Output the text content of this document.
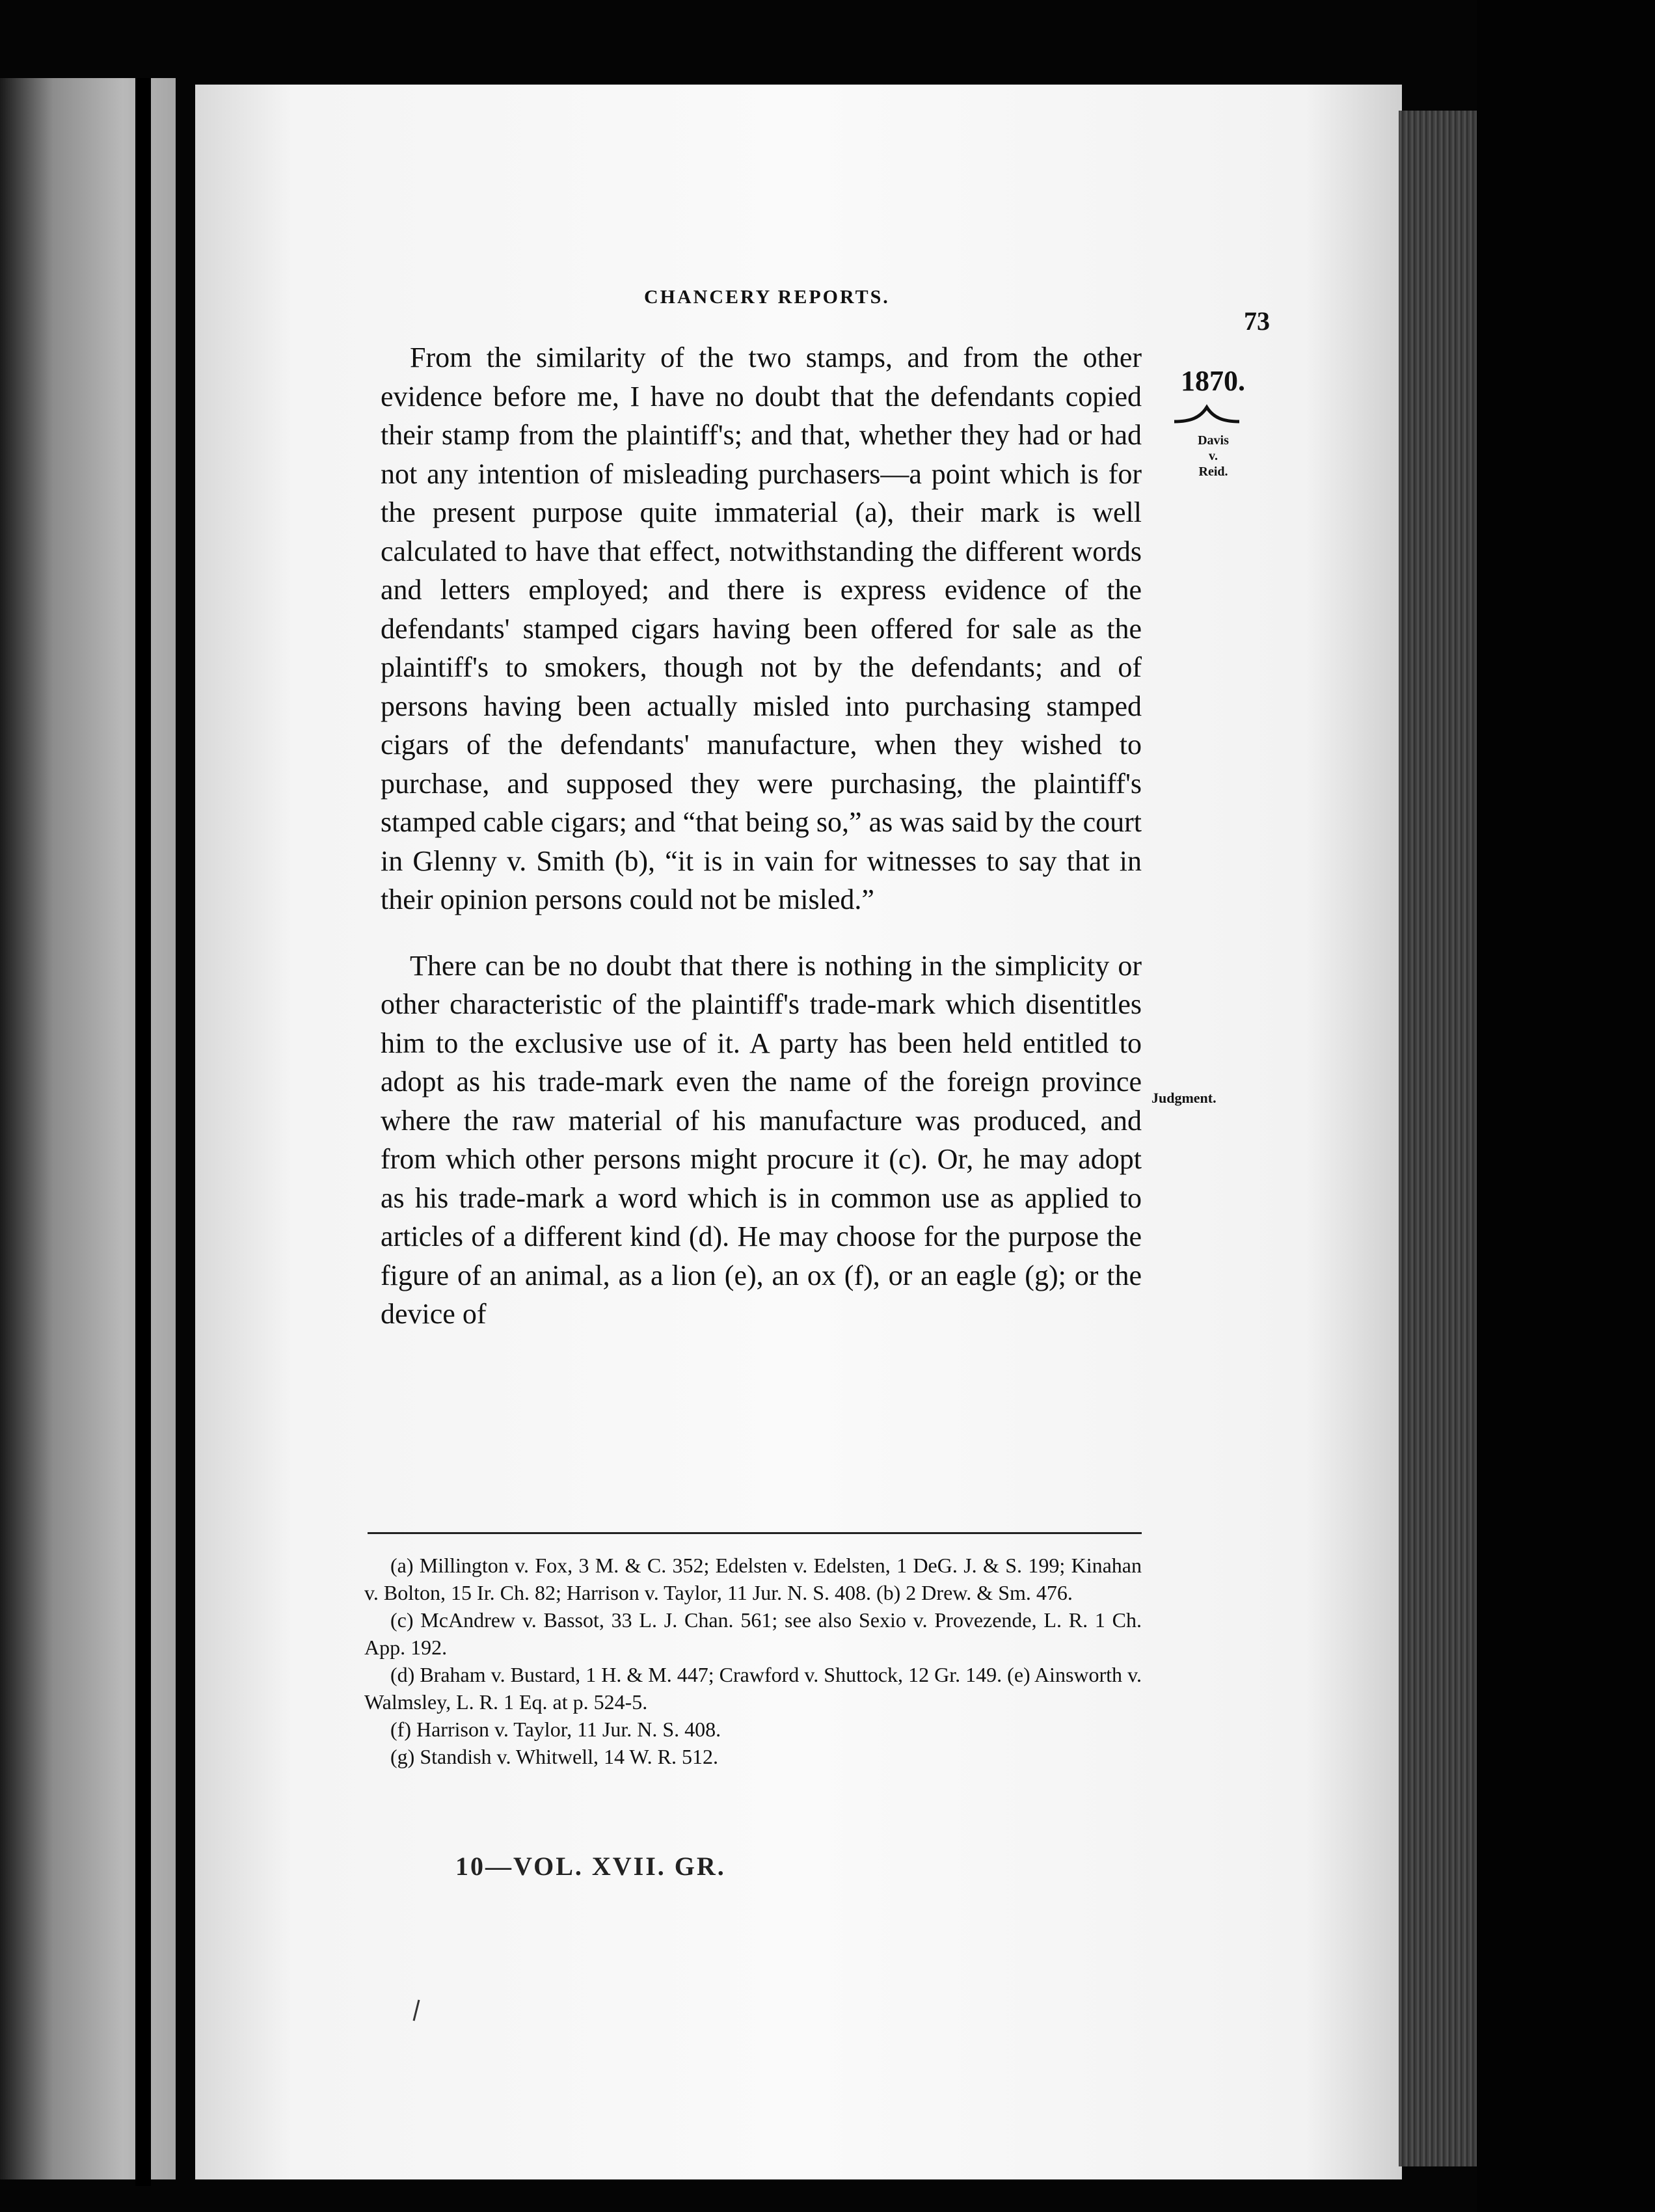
CHANCERY REPORTS.
73
1870.
Davis
v.
Reid.

From the similarity of the two stamps, and from the other evidence before me, I have no doubt that the defendants copied their stamp from the plaintiff's; and that, whether they had or had not any intention of misleading purchasers—a point which is for the present purpose quite immaterial (a), their mark is well calculated to have that effect, notwithstanding the different words and letters employed; and there is express evidence of the defendants' stamped cigars having been offered for sale as the plaintiff's to smokers, though not by the defendants; and of persons having been actually misled into purchasing stamped cigars of the defendants' manufacture, when they wished to purchase, and supposed they were purchasing, the plaintiff's stamped cable cigars; and “that being so,” as was said by the court in Glenny v. Smith (b), “it is in vain for witnesses to say that in their opinion persons could not be misled.”

There can be no doubt that there is nothing in the simplicity or other characteristic of the plaintiff's trade-mark which disentitles him to the exclusive use of it. A party has been held entitled to adopt as his trade-mark even the name of the foreign province where the raw material of his manufacture was produced, and from which other persons might procure it (c). Or, he may adopt as his trade-mark a word which is in common use as applied to articles of a different kind (d). He may choose for the purpose the figure of an animal, as a lion (e), an ox (f), or an eagle (g); or the device of

Judgment.

(a) Millington v. Fox, 3 M. & C. 352; Edelsten v. Edelsten, 1 DeG. J. & S. 199; Kinahan v. Bolton, 15 Ir. Ch. 82; Harrison v. Taylor, 11 Jur. N. S. 408. (b) 2 Drew. & Sm. 476.

(c) McAndrew v. Bassot, 33 L. J. Chan. 561; see also Sexio v. Provezende, L. R. 1 Ch. App. 192.

(d) Braham v. Bustard, 1 H. & M. 447; Crawford v. Shuttock, 12 Gr. 149. (e) Ainsworth v. Walmsley, L. R. 1 Eq. at p. 524-5.

(f) Harrison v. Taylor, 11 Jur. N. S. 408.

(g) Standish v. Whitwell, 14 W. R. 512.

10—VOL. XVII. GR.
